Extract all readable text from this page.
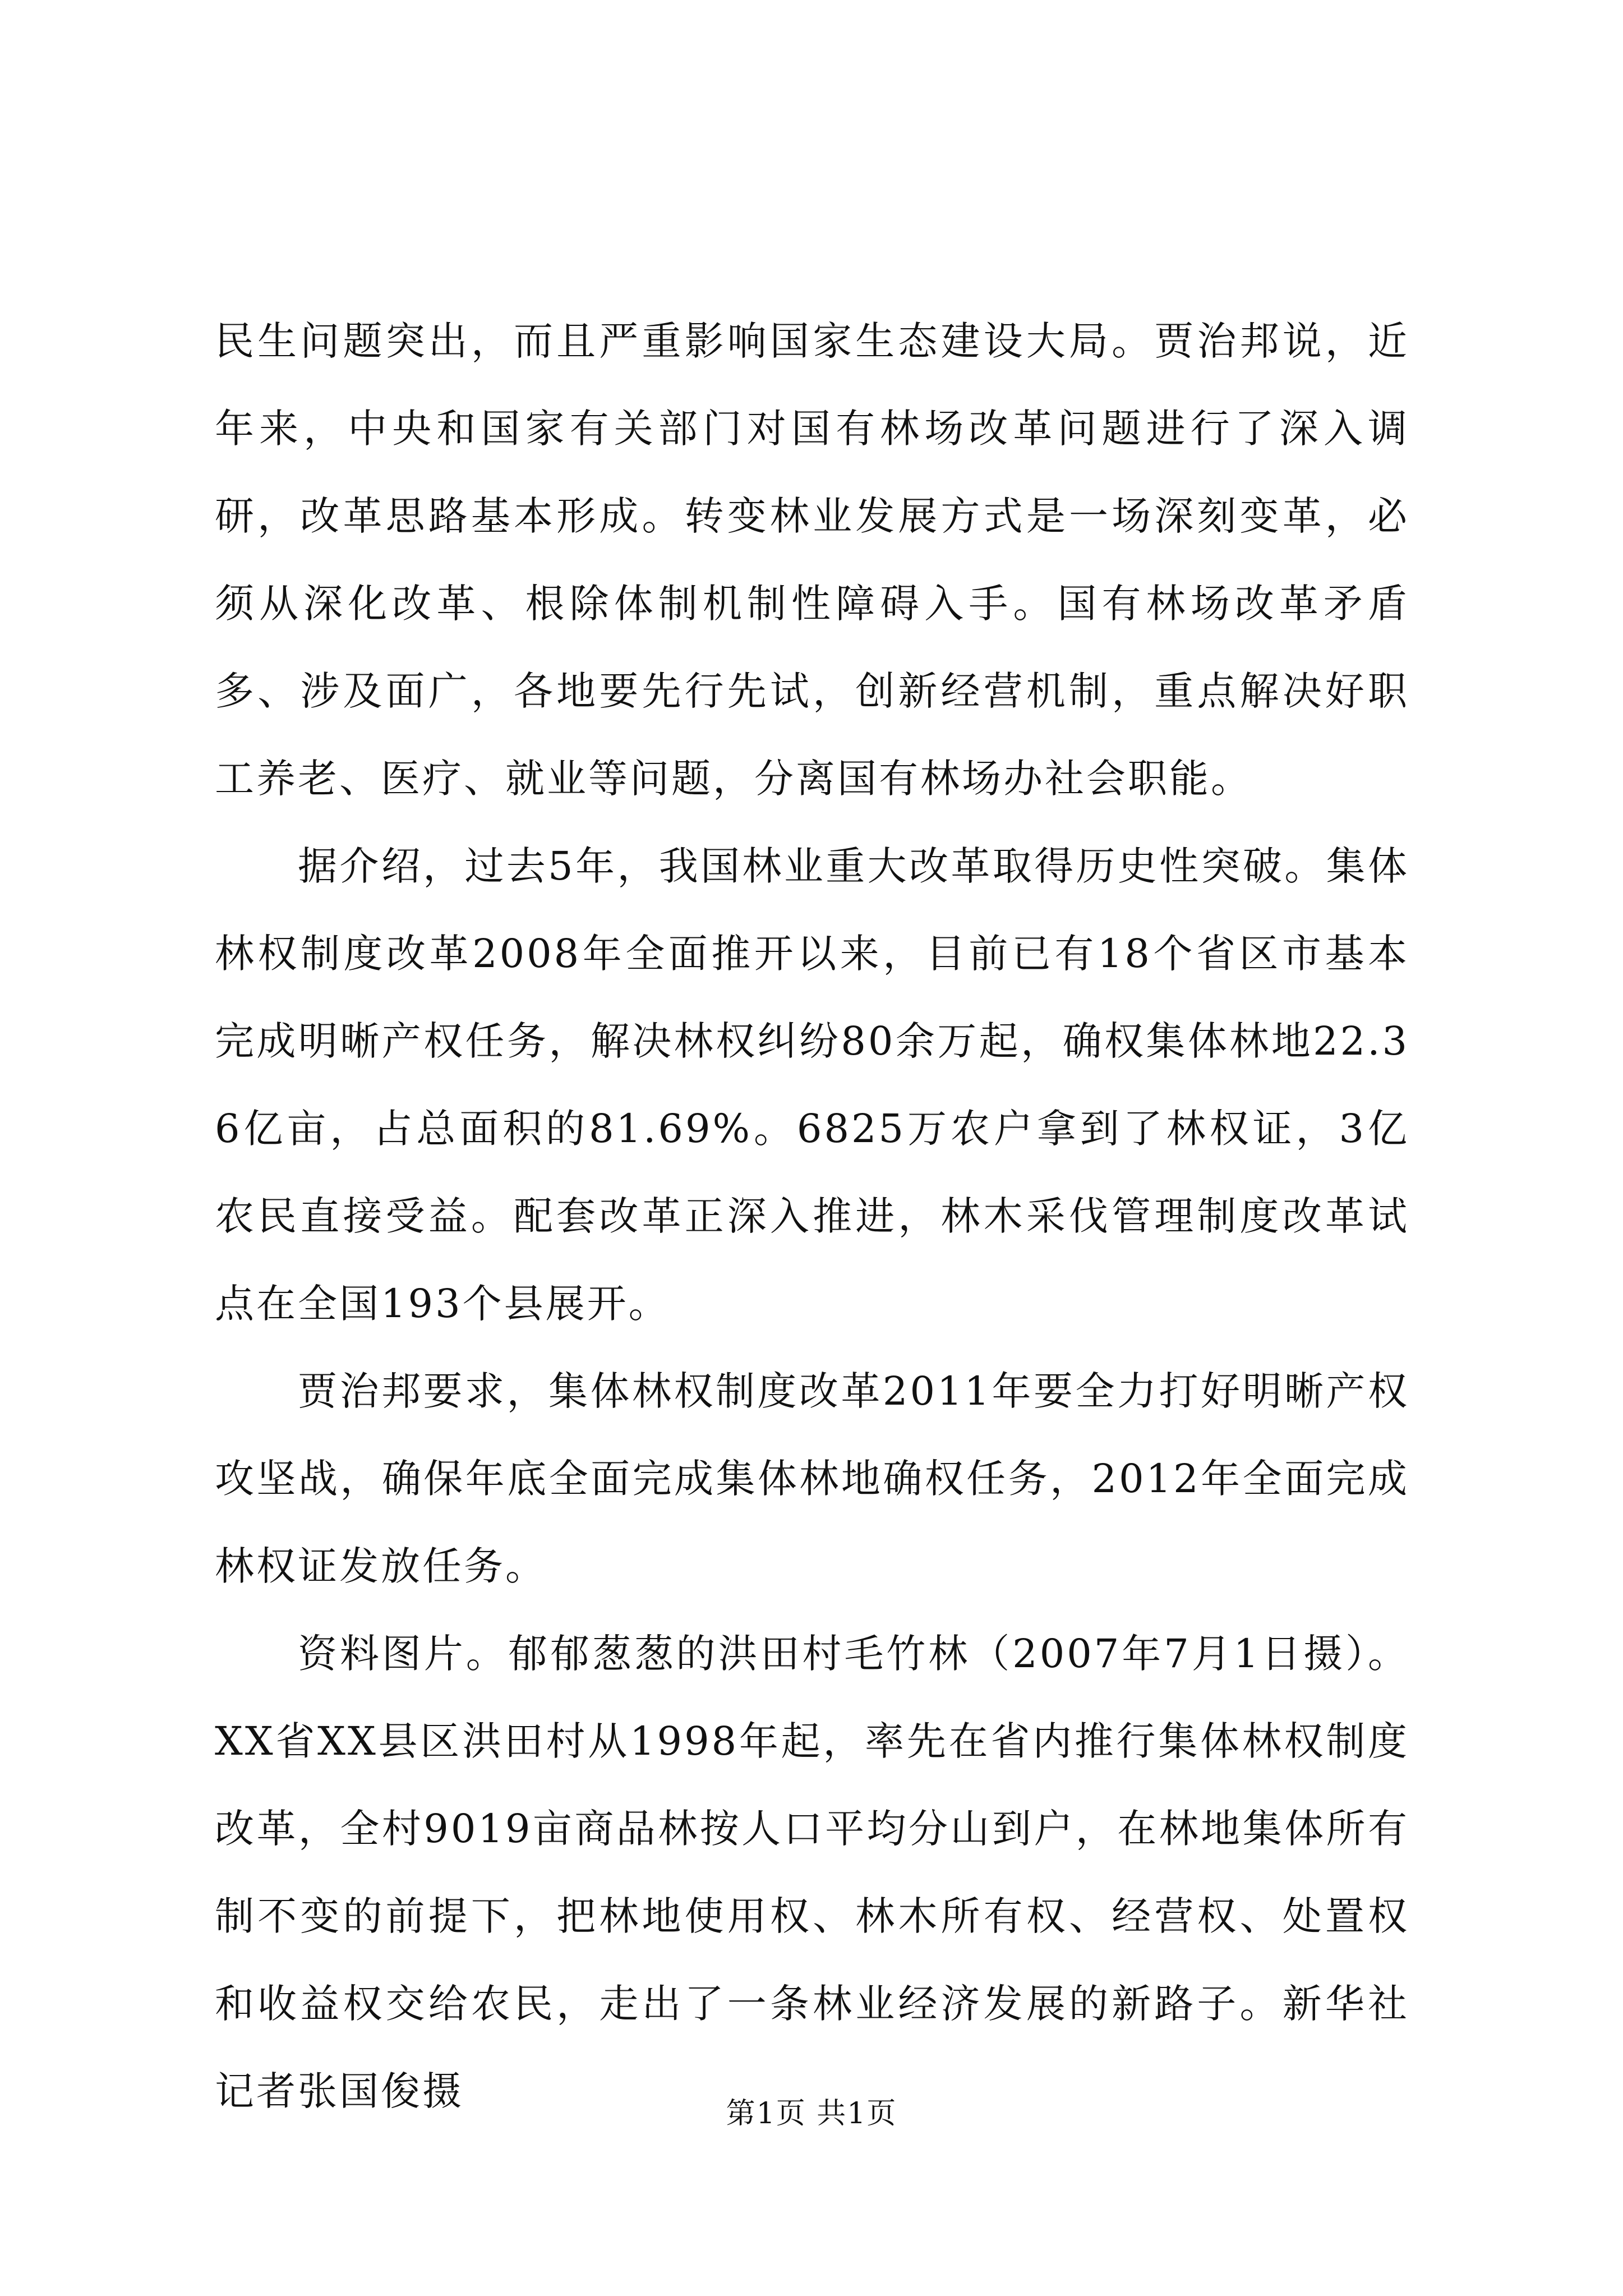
民生问题突出，而且严重影响国家生态建设大局。贾治邦说，近年来，中央和国家有关部门对国有林场改革问题进行了深入调研，改革思路基本形成。转变林业发展方式是一场深刻变革，必须从深化改革、根除体制机制性障碍入手。国有林场改革矛盾多、涉及面广，各地要先行先试，创新经营机制，重点解决好职工养老、医疗、就业等问题，分离国有林场办社会职能。

据介绍，过去5年，我国林业重大改革取得历史性突破。集体林权制度改革2008年全面推开以来，目前已有18个省区市基本完成明晰产权任务，解决林权纠纷80余万起，确权集体林地22.36亿亩，占总面积的81.69%。6825万农户拿到了林权证，3亿农民直接受益。配套改革正深入推进，林木采伐管理制度改革试点在全国193个县展开。

贾治邦要求，集体林权制度改革2011年要全力打好明晰产权攻坚战，确保年底全面完成集体林地确权任务，2012年全面完成林权证发放任务。

资料图片。郁郁葱葱的洪田村毛竹林（2007年7月1日摄）。XX省XX县区洪田村从1998年起，率先在省内推行集体林权制度改革，全村9019亩商品林按人口平均分山到户，在林地集体所有制不变的前提下，把林地使用权、林木所有权、经营权、处置权和收益权交给农民，走出了一条林业经济发展的新路子。新华社记者张国俊摄	第1页 共1页
